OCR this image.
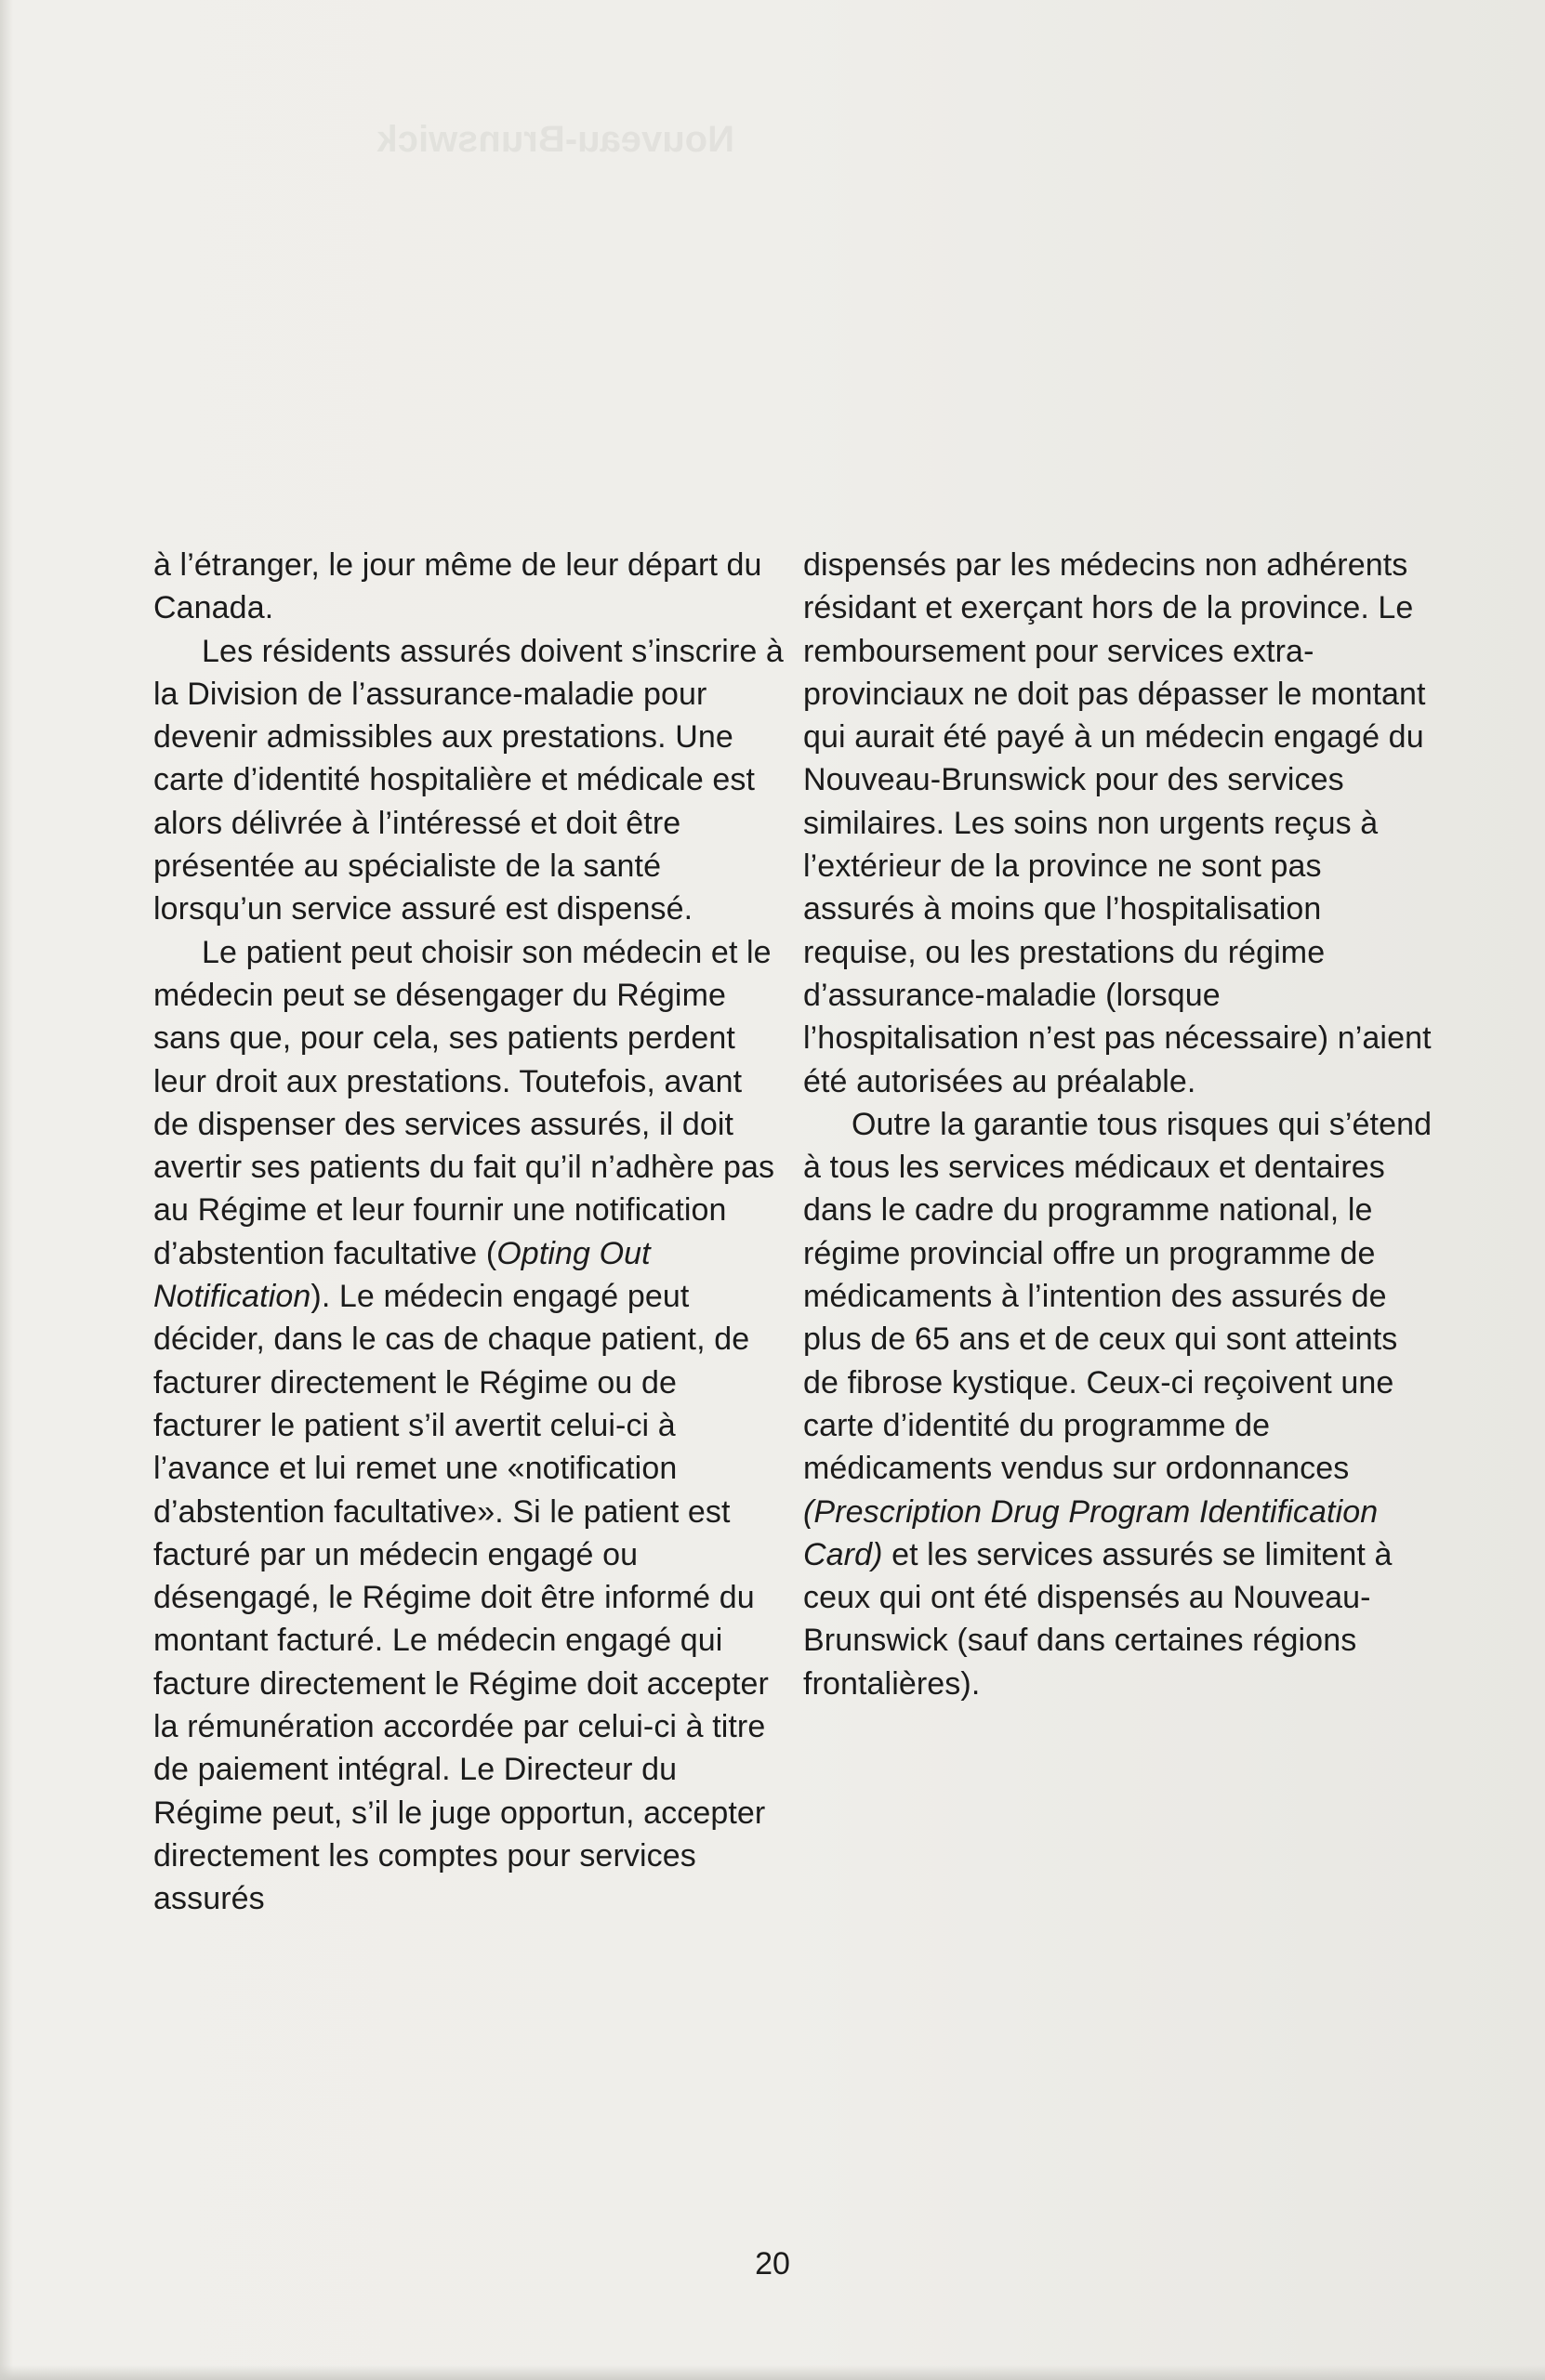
Nouveau-Brunswick

à l’étranger, le jour même de leur départ du Canada.

Les résidents assurés doivent s’inscrire à la Division de l’assurance-maladie pour devenir admissibles aux prestations. Une carte d’identité hospitalière et médicale est alors délivrée à l’intéressé et doit être présentée au spécialiste de la santé lorsqu’un service assuré est dispensé.

Le patient peut choisir son médecin et le médecin peut se désengager du Régime sans que, pour cela, ses patients perdent leur droit aux prestations. Toutefois, avant de dispenser des services assurés, il doit avertir ses patients du fait qu’il n’adhère pas au Régime et leur fournir une notification d’abstention facultative (Opting Out Notification). Le médecin engagé peut décider, dans le cas de chaque patient, de facturer directement le Régime ou de facturer le patient s’il avertit celui-ci à l’avance et lui remet une «notification d’abstention facultative». Si le patient est facturé par un médecin engagé ou désengagé, le Régime doit être informé du montant facturé. Le médecin engagé qui facture directement le Régime doit accepter la rémunération accordée par celui-ci à titre de paiement intégral. Le Directeur du Régime peut, s’il le juge opportun, accepter directement les comptes pour services assurés

dispensés par les médecins non adhérents résidant et exerçant hors de la province. Le remboursement pour services extra-provinciaux ne doit pas dépasser le montant qui aurait été payé à un médecin engagé du Nouveau-Brunswick pour des services similaires. Les soins non urgents reçus à l’extérieur de la province ne sont pas assurés à moins que l’hospitalisation requise, ou les prestations du régime d’assurance-maladie (lorsque l’hospitalisation n’est pas nécessaire) n’aient été autorisées au préalable.

Outre la garantie tous risques qui s’étend à tous les services médicaux et dentaires dans le cadre du programme national, le régime provincial offre un programme de médicaments à l’intention des assurés de plus de 65 ans et de ceux qui sont atteints de fibrose kystique. Ceux-ci reçoivent une carte d’identité du programme de médicaments vendus sur ordonnances (Prescription Drug Program Identification Card) et les services assurés se limitent à ceux qui ont été dispensés au Nouveau-Brunswick (sauf dans certaines régions frontalières).

20
